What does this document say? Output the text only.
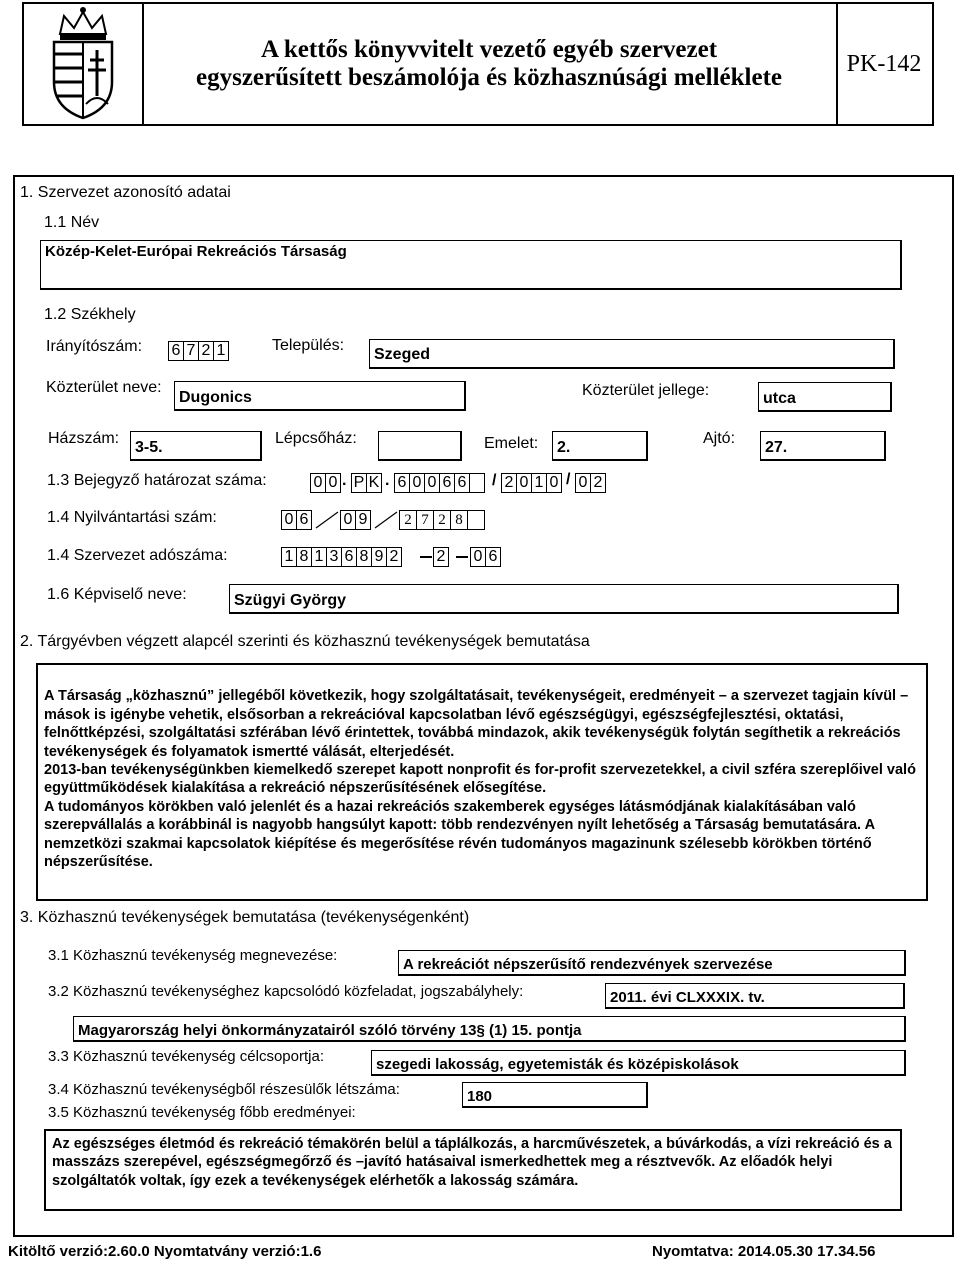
A kettős könyvvitelt vezető egyéb szervezet
egyszerűsített beszámolója és közhasznúsági melléklete
PK-142
1. Szervezet azonosító adatai
1.1 Név
Közép-Kelet-Európai Rekreációs Társaság
1.2 Székhely
Irányítószám: 6 7 2 1	Település:
Szeged
Közterület neve:
Dugonics	Közterület jellege:	utca
Házszám:
3-5.
Lépcsőház:	Emelet:	2.
Ajtó:
27.
1.3 Bejegyző határozat száma:	0 0 . P K . 6 0 0 6 6 / 2 0 1 0 / 0 2
1.4 Nyilvántartási szám:	0 6 0 9	2 7 2 8
1.4 Szervezet adószáma:	1 8 1 3 6 8 9 2 2 0 6
1.6 Képviselő neve:	Szügyi György
2. Tárgyévben végzett alapcél szerinti és közhasznú tevékenységek bemutatása

A Társaság „közhasznú” jellegéből következik, hogy szolgáltatásait, tevékenységeit, eredményeit – a szervezet tagjain kívül – mások is igénybe vehetik, elsősorban a rekreációval kapcsolatban lévő egészségügyi, egészségfejlesztési, oktatási, felnőttképzési, szolgáltatási szférában lévő érintettek, továbbá mindazok, akik tevékenységük folytán segíthetik a rekreációs tevékenységek és folyamatok ismertté válását, elterjedését.
2013-ban tevékenységünkben kiemelkedő szerepet kapott nonprofit és for-profit szervezetekkel, a civil szféra szereplőivel való együttműködések kialakítása a rekreáció népszerűsítésének elősegítése.
A tudományos körökben való jelenlét és a hazai rekreációs szakemberek egységes látásmódjának kialakításában való szerepvállalás a korábbinál is nagyobb hangsúlyt kapott: több rendezvényen nyílt lehetőség a Társaság bemutatására. A nemzetközi szakmai kapcsolatok kiépítése és megerősítése révén tudományos magazinunk szélesebb körökben történő népszerűsítése.

3. Közhasznú tevékenységek bemutatása (tevékenységenként)
3.1 Közhasznú tevékenység megnevezése:
A rekreációt népszerűsítő rendezvények szervezése
3.2 Közhasznú tevékenységhez kapcsolódó közfeladat, jogszabályhely:	2011. évi CLXXXIX. tv.
Magyarország helyi önkormányzatairól szóló törvény 13§ (1) 15. pontja
3.3 Közhasznú tevékenység célcsoportja:	szegedi lakosság, egyetemisták és középiskolások
3.4 Közhasznú tevékenységből részesülők létszáma:	180
3.5 Közhasznú tevékenység főbb eredményei:
Az egészséges életmód és rekreáció témakörén belül a táplálkozás, a harcművészetek, a búvárkodás, a vízi rekreáció és a masszázs szerepével, egészségmegőrző és –javító hatásaival ismerkedhettek meg a résztvevők. Az előadók helyi szolgáltatók voltak, így ezek a tevékenységek elérhetők a lakosság számára.
Kitöltő verzió:2.60.0 Nyomtatvány verzió:1.6	Nyomtatva: 2014.05.30 17.34.56
